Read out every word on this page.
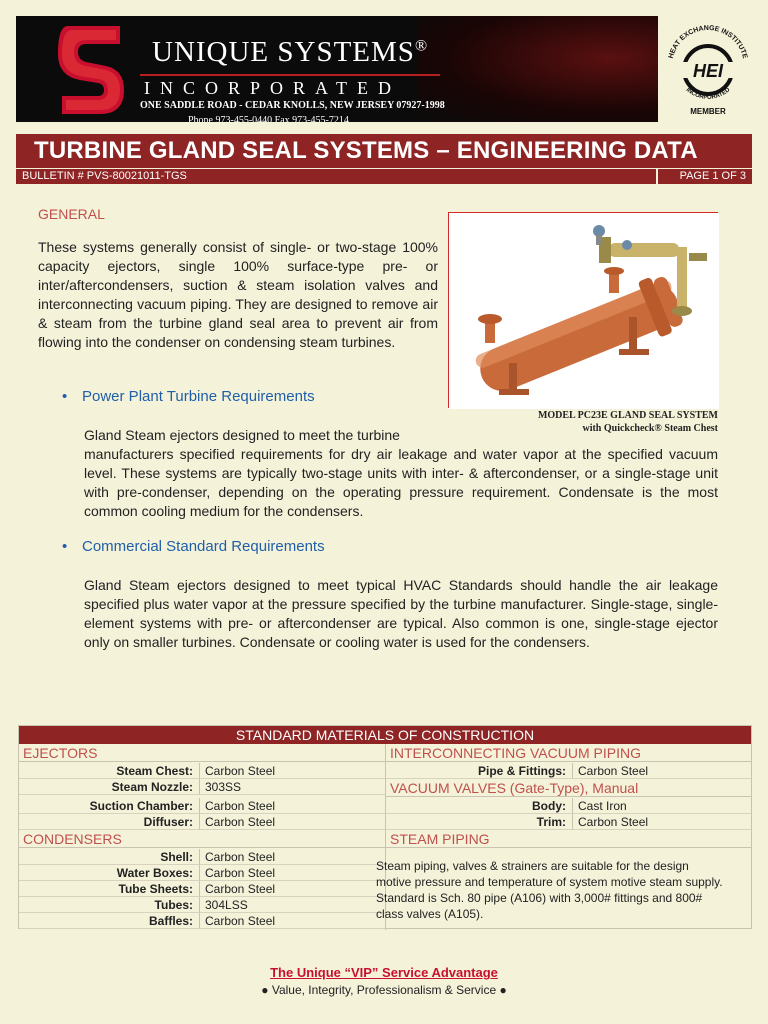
UNIQUE SYSTEMS®
INCORPORATED
ONE SADDLE ROAD - CEDAR KNOLLS, NEW JERSEY 07927-1998
Phone 973-455-0440 Fax 973-455-7214
HEAT EXCHANGE INSTITUTE
HEI
INCORPORATED
MEMBER
TURBINE GLAND SEAL SYSTEMS – ENGINEERING DATA
BULLETIN # PVS-80021011-TGS	PAGE 1 OF 3
GENERAL
These systems generally consist of single- or two-stage 100% capacity ejectors, single 100% surface-type pre- or inter/aftercondensers, suction & steam isolation valves and interconnecting vacuum piping. They are designed to remove air & steam from the turbine gland seal area to prevent air from flowing into the condenser on condensing steam turbines.
MODEL PC23E GLAND SEAL SYSTEM
with Quickcheck® Steam Chest
• Power Plant Turbine Requirements
Gland Steam ejectors designed to meet the turbine
manufacturers specified requirements for dry air leakage and water vapor at the specified vacuum level. These systems are typically two-stage units with inter- & aftercondenser, or a single-stage unit with pre-condenser, depending on the operating pressure requirement. Condensate is the most common cooling medium for the condensers.
• Commercial Standard Requirements
Gland Steam ejectors designed to meet typical HVAC Standards should handle the air leakage specified plus water vapor at the pressure specified by the turbine manufacturer. Single-stage, single-element systems with pre- or aftercondenser are typical. Also common is one, single-stage ejector only on smaller turbines. Condensate or cooling water is used for the condensers.
STANDARD MATERIALS OF CONSTRUCTION
EJECTORS
Steam Chest:	Carbon Steel
Steam Nozzle:	303SS
Suction Chamber:	Carbon Steel
Diffuser:	Carbon Steel
CONDENSERS
Shell:	Carbon Steel
Water Boxes:	Carbon Steel
Tube Sheets:	Carbon Steel
Tubes:	304LSS
Baffles:	Carbon Steel
INTERCONNECTING VACUUM PIPING
Pipe & Fittings:	Carbon Steel
VACUUM VALVES (Gate-Type), Manual
Body:	Cast Iron
Trim:	Carbon Steel
STEAM PIPING
Steam piping, valves & strainers are suitable for the design motive pressure and temperature of system motive steam supply. Standard is Sch. 80 pipe (A106) with 3,000# fittings and 800# class valves (A105).
The Unique “VIP” Service Advantage
● Value, Integrity, Professionalism & Service ●
